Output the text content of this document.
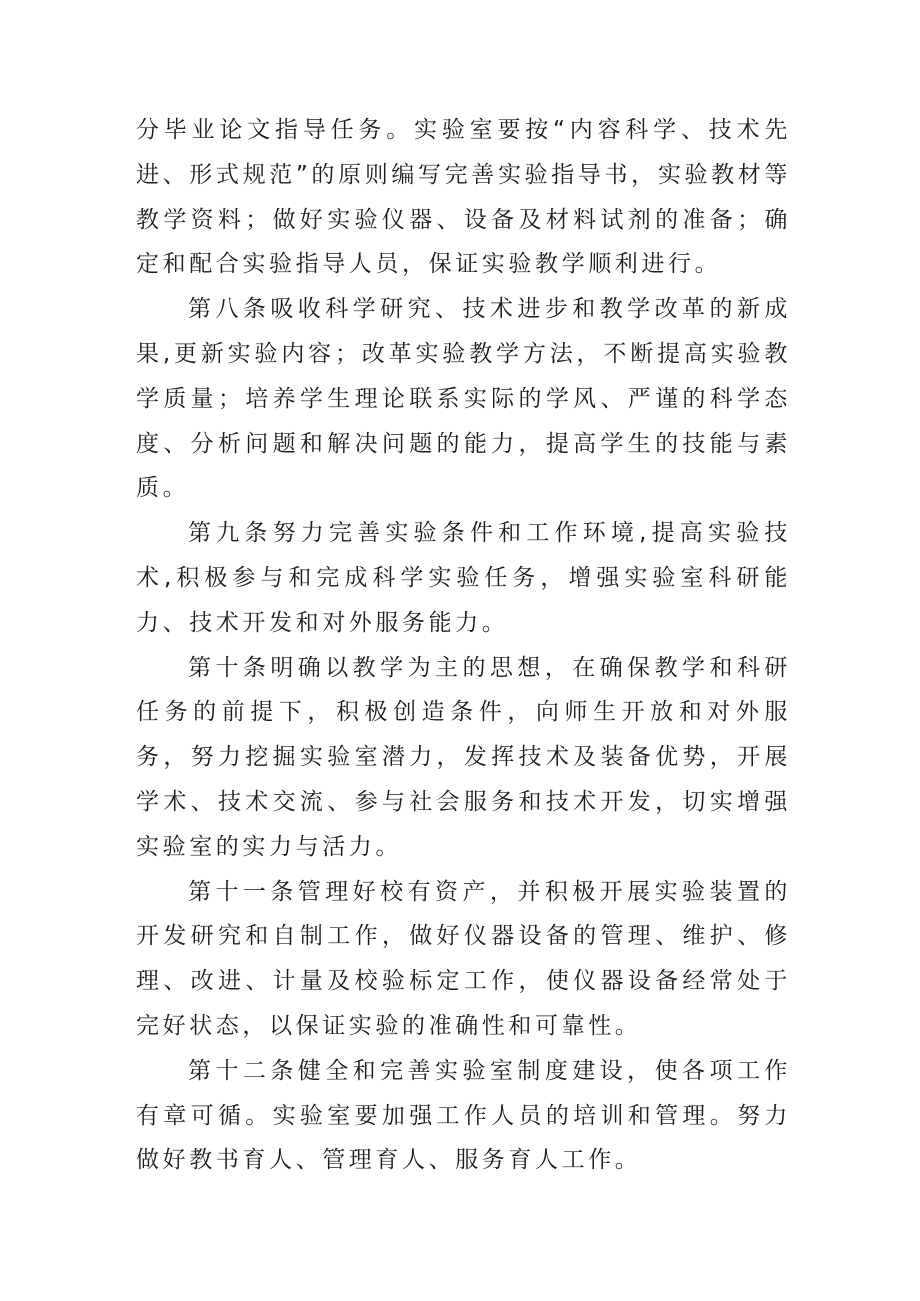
分毕业论文指导任务。实验室要按“内容科学、技术先进、形式规范”的原则编写完善实验指导书，实验教材等教学资料；做好实验仪器、设备及材料试剂的准备；确定和配合实验指导人员，保证实验教学顺利进行。

第八条吸收科学研究、技术进步和教学改革的新成果,更新实验内容；改革实验教学方法，不断提高实验教学质量；培养学生理论联系实际的学风、严谨的科学态度、分析问题和解决问题的能力，提高学生的技能与素质。

第九条努力完善实验条件和工作环境,提高实验技术,积极参与和完成科学实验任务，增强实验室科研能力、技术开发和对外服务能力。

第十条明确以教学为主的思想，在确保教学和科研任务的前提下，积极创造条件，向师生开放和对外服务，努力挖掘实验室潜力，发挥技术及装备优势，开展学术、技术交流、参与社会服务和技术开发，切实增强实验室的实力与活力。

第十一条管理好校有资产，并积极开展实验装置的开发研究和自制工作，做好仪器设备的管理、维护、修理、改进、计量及校验标定工作，使仪器设备经常处于完好状态，以保证实验的准确性和可靠性。

第十二条健全和完善实验室制度建设，使各项工作有章可循。实验室要加强工作人员的培训和管理。努力做好教书育人、管理育人、服务育人工作。
